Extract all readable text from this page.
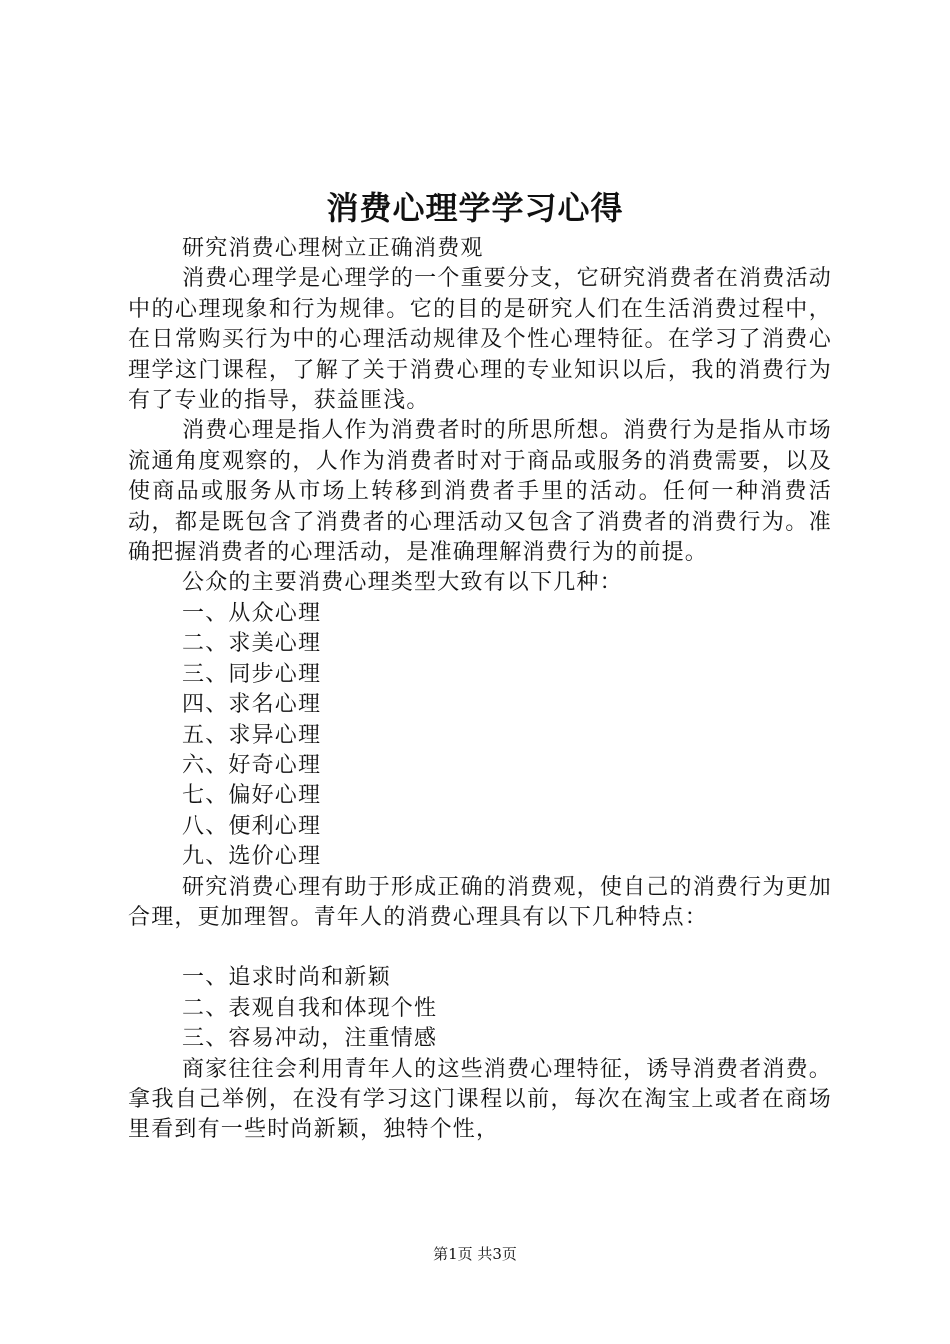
消费心理学学习心得

研究消费心理树立正确消费观

消费心理学是心理学的一个重要分支，它研究消费者在消费活动中的心理现象和行为规律。它的目的是研究人们在生活消费过程中，在日常购买行为中的心理活动规律及个性心理特征。在学习了消费心理学这门课程，了解了关于消费心理的专业知识以后，我的消费行为有了专业的指导，获益匪浅。

消费心理是指人作为消费者时的所思所想。消费行为是指从市场流通角度观察的，人作为消费者时对于商品或服务的消费需要，以及使商品或服务从市场上转移到消费者手里的活动。任何一种消费活动，都是既包含了消费者的心理活动又包含了消费者的消费行为。准确把握消费者的心理活动，是准确理解消费行为的前提。

公众的主要消费心理类型大致有以下几种：

一、从众心理

二、求美心理

三、同步心理

四、求名心理

五、求异心理

六、好奇心理

七、偏好心理

八、便利心理

九、选价心理

研究消费心理有助于形成正确的消费观，使自己的消费行为更加合理，更加理智。青年人的消费心理具有以下几种特点：

一、追求时尚和新颖

二、表观自我和体现个性

三、容易冲动，注重情感

商家往往会利用青年人的这些消费心理特征，诱导消费者消费。拿我自己举例，在没有学习这门课程以前，每次在淘宝上或者在商场里看到有一些时尚新颖，独特个性，

第1页 共3页
